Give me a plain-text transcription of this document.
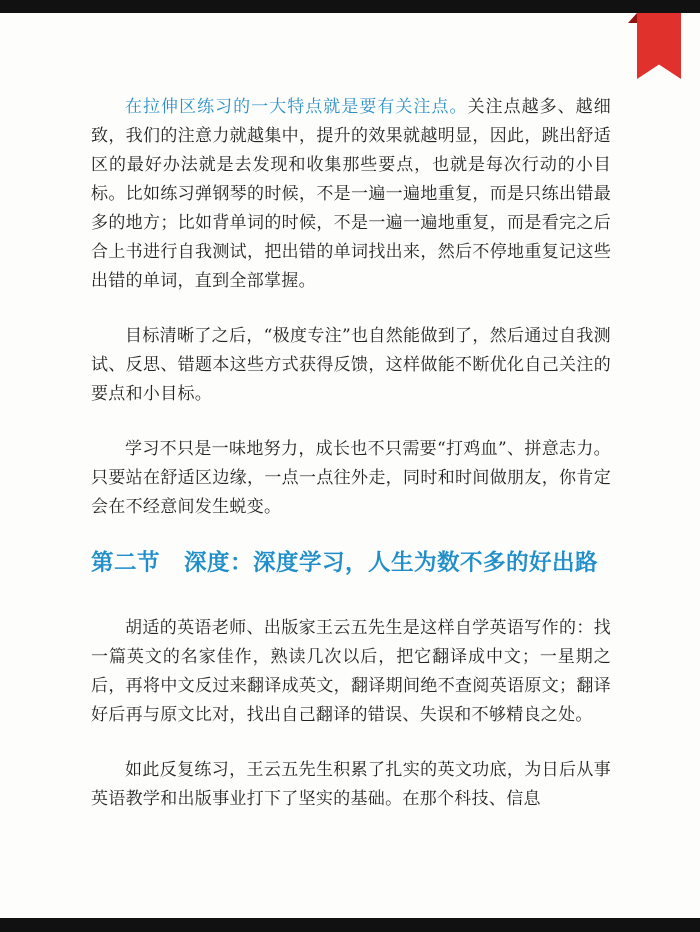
在拉伸区练习的一大特点就是要有关注点。关注点越多、越细致，我们的注意力就越集中，提升的效果就越明显，因此，跳出舒适区的最好办法就是去发现和收集那些要点，也就是每次行动的小目标。比如练习弹钢琴的时候，不是一遍一遍地重复，而是只练出错最多的地方；比如背单词的时候，不是一遍一遍地重复，而是看完之后合上书进行自我测试，把出错的单词找出来，然后不停地重复记这些出错的单词，直到全部掌握。

目标清晰了之后，“极度专注”也自然能做到了，然后通过自我测试、反思、错题本这些方式获得反馈，这样做能不断优化自己关注的要点和小目标。

学习不只是一味地努力，成长也不只需要“打鸡血”、拼意志力。只要站在舒适区边缘，一点一点往外走，同时和时间做朋友，你肯定会在不经意间发生蜕变。

第二节 深度：深度学习，人生为数不多的好出路

胡适的英语老师、出版家王云五先生是这样自学英语写作的：找一篇英文的名家佳作，熟读几次以后，把它翻译成中文；一星期之后，再将中文反过来翻译成英文，翻译期间绝不查阅英语原文；翻译好后再与原文比对，找出自己翻译的错误、失误和不够精良之处。

如此反复练习，王云五先生积累了扎实的英文功底，为日后从事英语教学和出版事业打下了坚实的基础。在那个科技、信息
